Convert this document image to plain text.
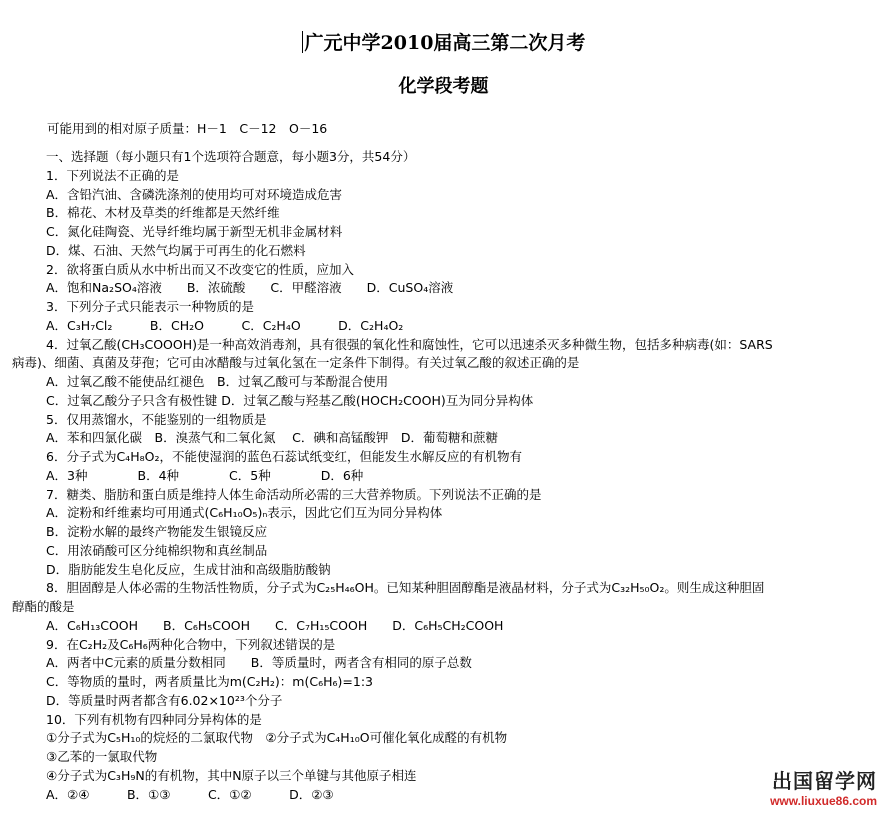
广元中学2010届高三第二次月考
化学段考题
可能用到的相对原子质量：H－1　C－12　O－16
一、选择题（每小题只有1个选项符合题意，每小题3分，共54分）
1．下列说法不正确的是
A．含铅汽油、含磷洗涤剂的使用均可对环境造成危害
B．棉花、木材及草类的纤维都是天然纤维
C．氮化硅陶瓷、光导纤维均属于新型无机非金属材料
D．煤、石油、天然气均属于可再生的化石燃料
2．欲将蛋白质从水中析出而又不改变它的性质，应加入
A．饱和Na₂SO₄溶液　　B．浓硫酸　　C．甲醛溶液　　D．CuSO₄溶液
3．下列分子式只能表示一种物质的是
A．C₃H₇Cl₂　　　B．CH₂O　　　C．C₂H₄O　　　D．C₂H₄O₂
4．过氧乙酸(CH₃COOOH)是一种高效消毒剂，具有很强的氧化性和腐蚀性，它可以迅速杀灭多种微生物，包括多种病毒(如：SARS
病毒)、细菌、真菌及芽孢；它可由冰醋酸与过氧化氢在一定条件下制得。有关过氧乙酸的叙述正确的是
A．过氧乙酸不能使品红褪色　B．过氧乙酸可与苯酚混合使用
C．过氧乙酸分子只含有极性键 D．过氧乙酸与羟基乙酸(HOCH₂COOH)互为同分异构体
5．仅用蒸馏水，不能鉴别的一组物质是
A．苯和四氯化碳　B．溴蒸气和二氧化氮　 C．碘和高锰酸钾　D．葡萄糖和蔗糖
6．分子式为C₄H₈O₂，不能使湿润的蓝色石蕊试纸变红，但能发生水解反应的有机物有
A．3种　　　　B．4种　　　　C．5种　　　　D．6种
7．糖类、脂肪和蛋白质是维持人体生命活动所必需的三大营养物质。下列说法不正确的是
A．淀粉和纤维素均可用通式(C₆H₁₀O₅)ₙ表示，因此它们互为同分异构体
B．淀粉水解的最终产物能发生银镜反应
C．用浓硝酸可区分纯棉织物和真丝制品
D．脂肪能发生皂化反应，生成甘油和高级脂肪酸钠
8．胆固醇是人体必需的生物活性物质，分子式为C₂₅H₄₆OH。已知某种胆固醇酯是液晶材料，分子式为C₃₂H₅₀O₂。则生成这种胆固
醇酯的酸是
A．C₆H₁₃COOH　　B．C₆H₅COOH　　C．C₇H₁₅COOH　　D．C₆H₅CH₂COOH
9．在C₂H₂及C₆H₆两种化合物中，下列叙述错误的是
A．两者中C元素的质量分数相同　　B．等质量时，两者含有相同的原子总数
C．等物质的量时，两者质量比为m(C₂H₂)：m(C₆H₆)=1:3
D．等质量时两者都含有6.02×10²³个分子
10．下列有机物有四种同分异构体的是
①分子式为C₅H₁₀的烷烃的二氯取代物　②分子式为C₄H₁₀O可催化氧化成醛的有机物
③乙苯的一氯取代物
④分子式为C₃H₉N的有机物，其中N原子以三个单键与其他原子相连
A．②④　　　B．①③　　　C．①②　　　D．②③
出国留学网
www.liuxue86.com
